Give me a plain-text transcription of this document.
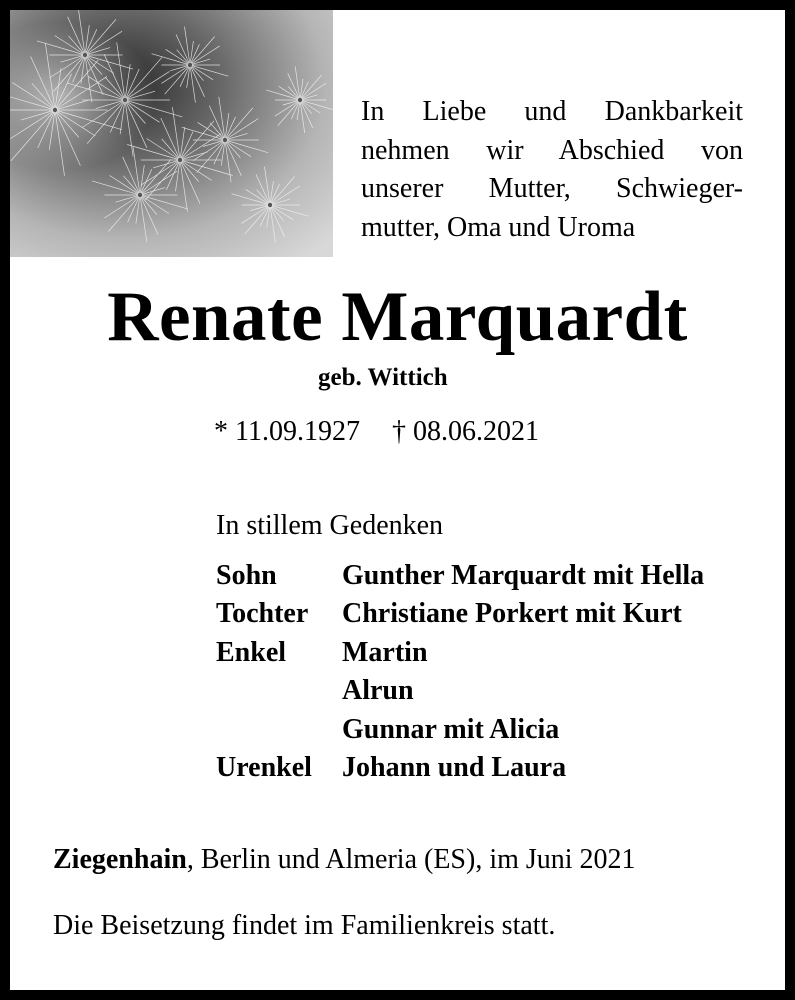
In Liebe und Dankbarkeit
nehmen wir Abschied von
unserer Mutter, Schwieger-
mutter, Oma und Uroma
Renate Marquardt
geb. Wittich
* 11.09.1927 † 08.06.2021
In stillem Gedenken
Sohn Gunther Marquardt mit Hella
Tochter Christiane Porkert mit Kurt
Enkel Martin
Alrun
Gunnar mit Alicia
Urenkel Johann und Laura
Ziegenhain, Berlin und Almeria (ES), im Juni 2021
Die Beisetzung findet im Familienkreis statt.
